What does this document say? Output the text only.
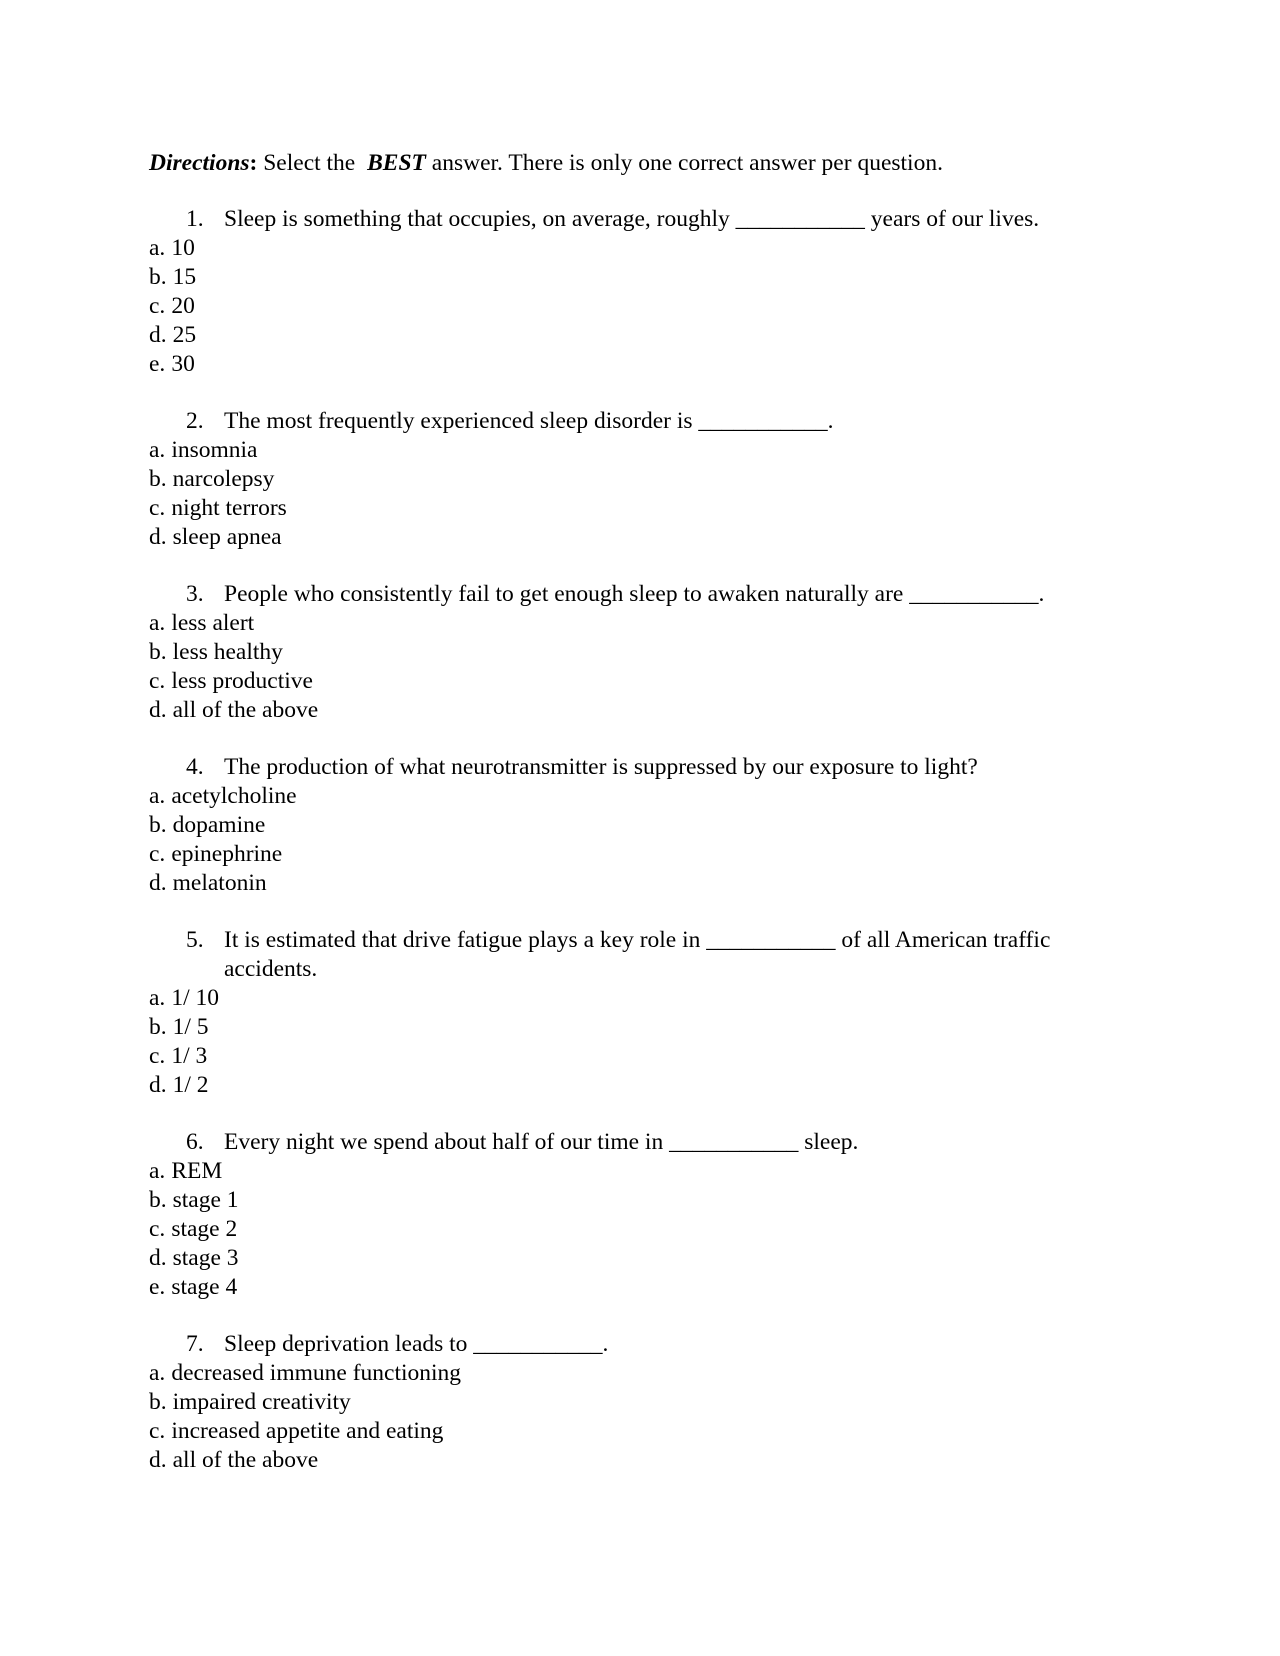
Directions: Select the BEST answer. There is only one correct answer per question.

1. Sleep is something that occupies, on average, roughly ___________ years of our lives.
a. 10
b. 15
c. 20
d. 25
e. 30
2. The most frequently experienced sleep disorder is ___________.
a. insomnia
b. narcolepsy
c. night terrors
d. sleep apnea
3. People who consistently fail to get enough sleep to awaken naturally are ___________.
a. less alert
b. less healthy
c. less productive
d. all of the above
4. The production of what neurotransmitter is suppressed by our exposure to light?
a. acetylcholine
b. dopamine
c. epinephrine
d. melatonin
5. It is estimated that drive fatigue plays a key role in ___________ of all American traffic accidents.
a. 1/ 10
b. 1/ 5
c. 1/ 3
d. 1/ 2
6. Every night we spend about half of our time in ___________ sleep.
a. REM
b. stage 1
c. stage 2
d. stage 3
e. stage 4
7. Sleep deprivation leads to ___________.
a. decreased immune functioning
b. impaired creativity
c. increased appetite and eating
d. all of the above
